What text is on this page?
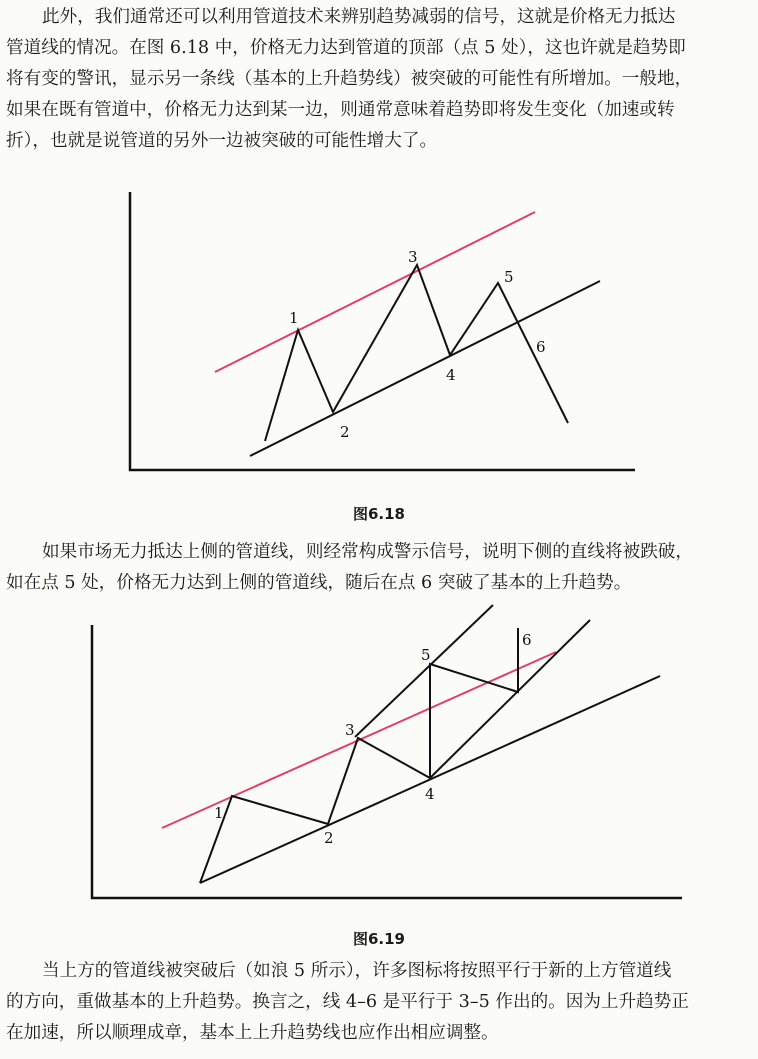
此外，我们通常还可以利用管道技术来辨别趋势减弱的信号，这就是价格无力抵达
管道线的情况。在图 6.18 中，价格无力达到管道的顶部（点 5 处），这也许就是趋势即
将有变的警讯，显示另一条线（基本的上升趋势线）被突破的可能性有所增加。一般地，
如果在既有管道中，价格无力达到某一边，则通常意味着趋势即将发生变化（加速或转
折），也就是说管道的另外一边被突破的可能性增大了。
1
2
3
4
5
6
图6.18
如果市场无力抵达上侧的管道线，则经常构成警示信号，说明下侧的直线将被跌破，
如在点 5 处，价格无力达到上侧的管道线，随后在点 6 突破了基本的上升趋势。
1
2
3
4
5
6
图6.19
当上方的管道线被突破后（如浪 5 所示），许多图标将按照平行于新的上方管道线
的方向，重做基本的上升趋势。换言之，线 4–6 是平行于 3–5 作出的。因为上升趋势正
在加速，所以顺理成章，基本上上升趋势线也应作出相应调整。
